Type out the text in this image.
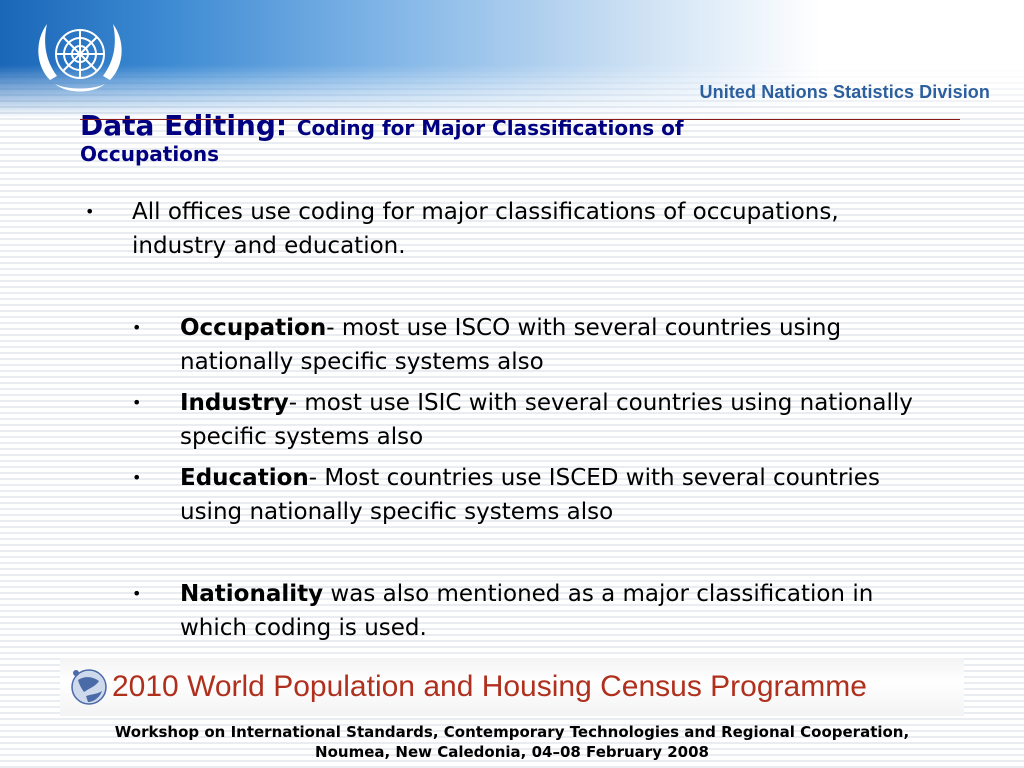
United Nations Statistics Division
Data Editing: Coding for Major Classifications of
Occupations
• All offices use coding for major classifications of occupations, industry and education.
• Occupation- most use ISCO with several countries using nationally specific systems also
• Industry- most use ISIC with several countries using nationally specific systems also
• Education- Most countries use ISCED with several countries using nationally specific systems also
• Nationality was also mentioned as a major classification in which coding is used.
2010 World Population and Housing Census Programme
Workshop on International Standards, Contemporary Technologies and Regional Cooperation,
Noumea, New Caledonia, 04–08 February 2008
